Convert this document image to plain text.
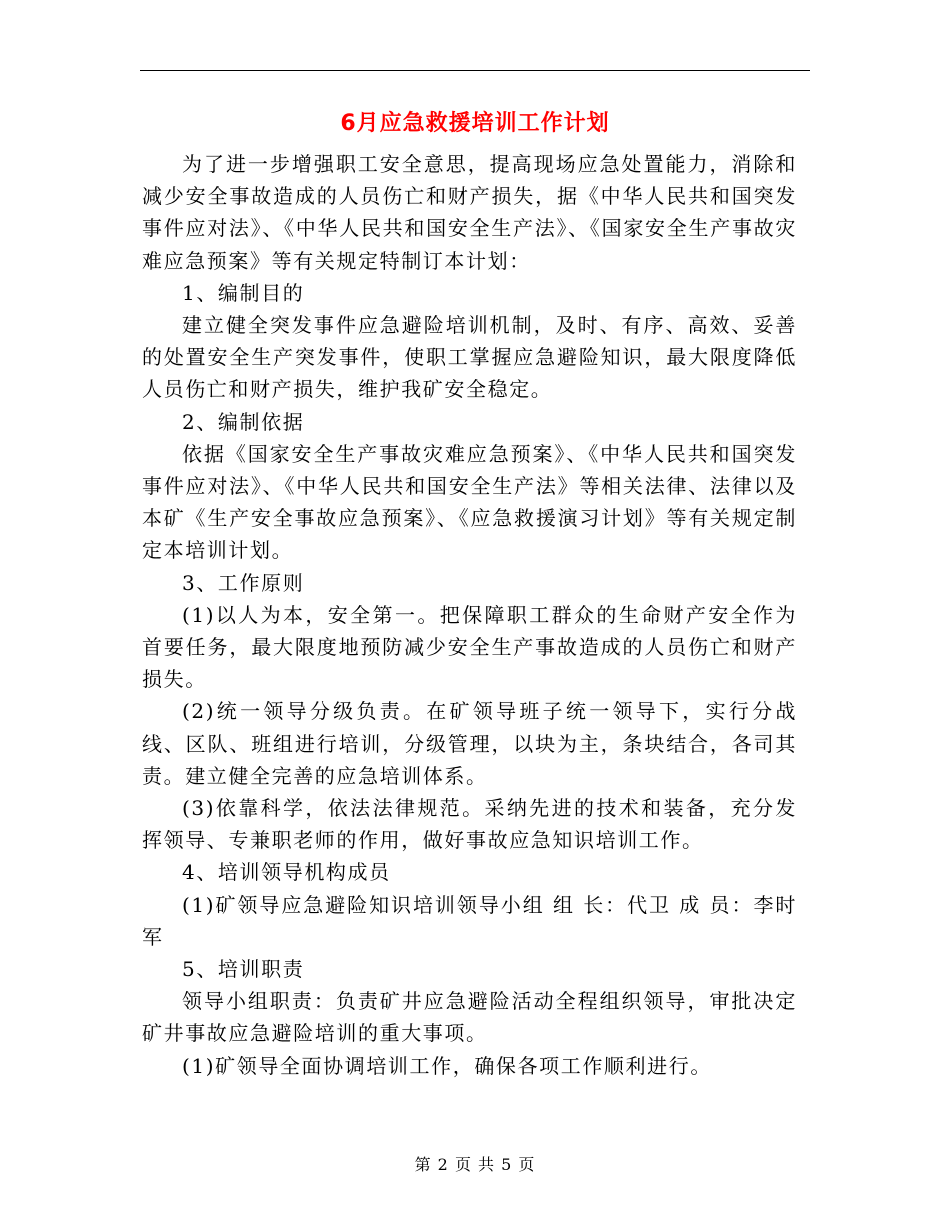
6月应急救援培训工作计划

为了进一步增强职工安全意思，提高现场应急处置能力，消除和减少安全事故造成的人员伤亡和财产损失，据《中华人民共和国突发事件应对法》、《中华人民共和国安全生产法》、《国家安全生产事故灾难应急预案》等有关规定特制订本计划：

1、编制目的

建立健全突发事件应急避险培训机制，及时、有序、高效、妥善的处置安全生产突发事件，使职工掌握应急避险知识，最大限度降低人员伤亡和财产损失，维护我矿安全稳定。

2、编制依据

依据《国家安全生产事故灾难应急预案》、《中华人民共和国突发事件应对法》、《中华人民共和国安全生产法》等相关法律、法律以及本矿《生产安全事故应急预案》、《应急救援演习计划》等有关规定制定本培训计划。

3、工作原则

(1)以人为本，安全第一。把保障职工群众的生命财产安全作为首要任务，最大限度地预防减少安全生产事故造成的人员伤亡和财产损失。

(2)统一领导分级负责。在矿领导班子统一领导下，实行分战线、区队、班组进行培训，分级管理，以块为主，条块结合，各司其责。建立健全完善的应急培训体系。

(3)依靠科学，依法法律规范。采纳先进的技术和装备，充分发挥领导、专兼职老师的作用，做好事故应急知识培训工作。

4、培训领导机构成员

(1)矿领导应急避险知识培训领导小组 组 长：代卫 成 员：李时军

5、培训职责

领导小组职责：负责矿井应急避险活动全程组织领导，审批决定矿井事故应急避险培训的重大事项。

(1)矿领导全面协调培训工作，确保各项工作顺利进行。

第 2 页 共 5 页
